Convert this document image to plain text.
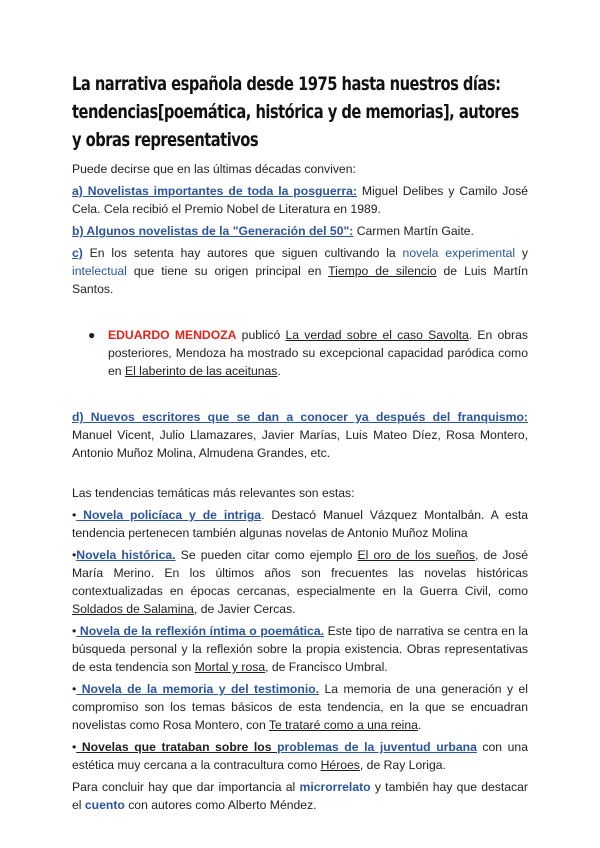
La narrativa española desde 1975 hasta nuestros días: tendencias[poemática, histórica y de memorias], autores y obras representativos

Puede decirse que en las últimas décadas conviven:

a) Novelistas importantes de toda la posguerra: Miguel Delibes y Camilo José Cela. Cela recibió el Premio Nobel de Literatura en 1989.

b) Algunos novelistas de la "Generación del 50": Carmen Martín Gaite.

c) En los setenta hay autores que siguen cultivando la novela experimental y intelectual que tiene su origen principal en Tiempo de silencio de Luis Martín Santos.

● EDUARDO MENDOZA publicó La verdad sobre el caso Savolta. En obras posteriores, Mendoza ha mostrado su excepcional capacidad paródica como en El laberinto de las aceitunas.

d) Nuevos escritores que se dan a conocer ya después del franquismo: Manuel Vicent, Julio Llamazares, Javier Marías, Luis Mateo Díez, Rosa Montero, Antonio Muñoz Molina, Almudena Grandes, etc.

Las tendencias temáticas más relevantes son estas:

• Novela policíaca y de intriga. Destacó Manuel Vázquez Montalbán. A esta tendencia pertenecen también algunas novelas de Antonio Muñoz Molina

•Novela histórica. Se pueden citar como ejemplo El oro de los sueños, de José María Merino. En los últimos años son frecuentes las novelas históricas contextualizadas en épocas cercanas, especialmente en la Guerra Civil, como Soldados de Salamina, de Javier Cercas.

• Novela de la reflexión íntima o poemática. Este tipo de narrativa se centra en la búsqueda personal y la reflexión sobre la propia existencia. Obras representativas de esta tendencia son Mortal y rosa, de Francisco Umbral.

• Novela de la memoria y del testimonio. La memoria de una generación y el compromiso son los temas básicos de esta tendencia, en la que se encuadran novelistas como Rosa Montero, con Te trataré como a una reina.

• Novelas que trataban sobre los problemas de la juventud urbana con una estética muy cercana a la contracultura como Héroes, de Ray Loriga.

Para concluir hay que dar importancia al microrrelato y también hay que destacar el cuento con autores como Alberto Méndez.
